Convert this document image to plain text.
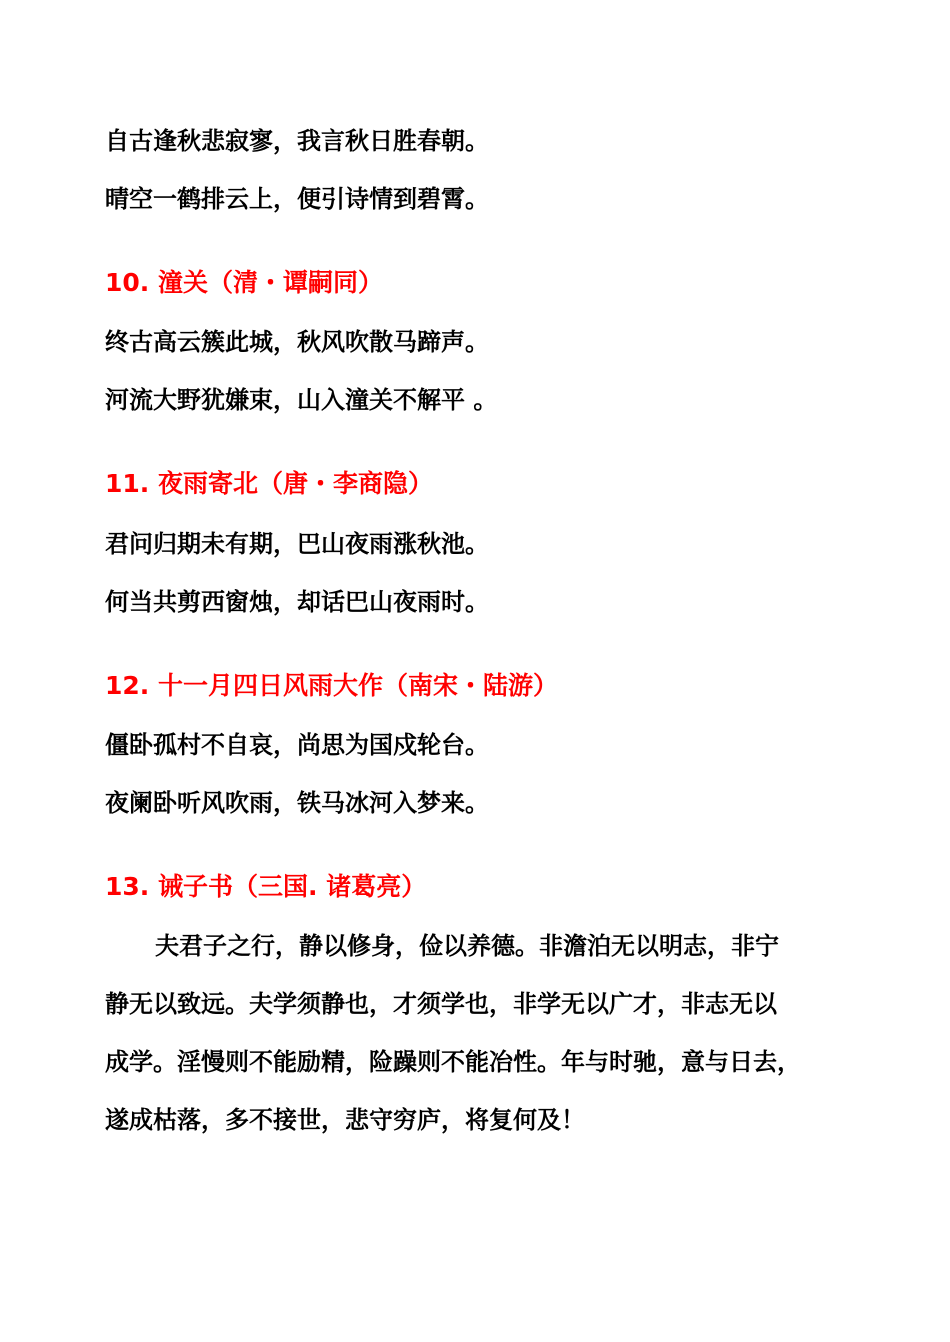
自古逢秋悲寂寥，我言秋日胜春朝。
晴空一鹤排云上，便引诗情到碧霄。
10. 潼关（清・谭嗣同）
终古高云簇此城，秋风吹散马蹄声。
河流大野犹嫌束，山入潼关不解平 。
11. 夜雨寄北（唐・李商隐）
君问归期未有期，巴山夜雨涨秋池。
何当共剪西窗烛，却话巴山夜雨时。
12. 十一月四日风雨大作（南宋・陆游）
僵卧孤村不自哀，尚思为国戍轮台。
夜阑卧听风吹雨，铁马冰河入梦来。
13. 诫子书（三国. 诸葛亮）
夫君子之行，静以修身，俭以养德。非澹泊无以明志，非宁
静无以致远。夫学须静也，才须学也，非学无以广才，非志无以
成学。淫慢则不能励精，险躁则不能冶性。年与时驰，意与日去，
遂成枯落，多不接世，悲守穷庐，将复何及！
